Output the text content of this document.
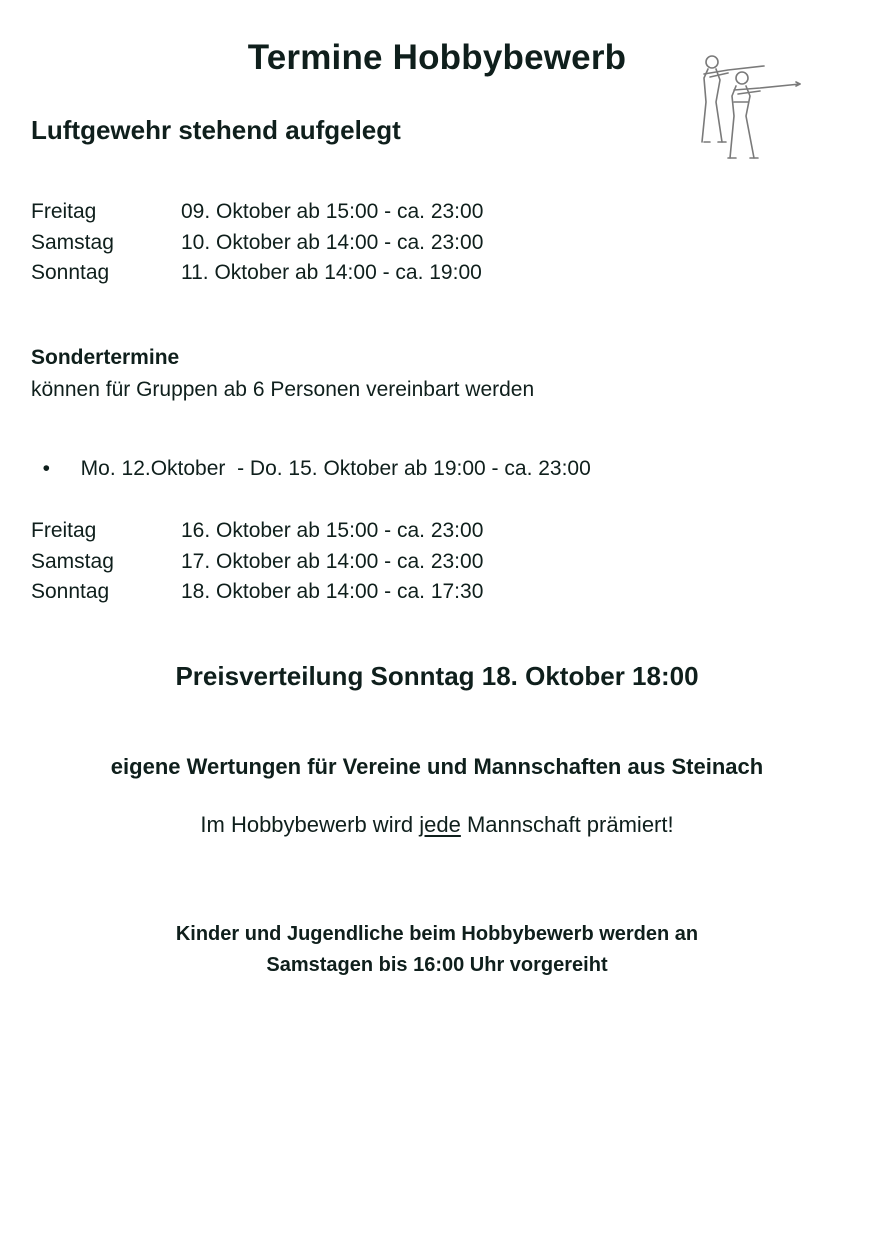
Termine Hobbybewerb
Luftgewehr stehend aufgelegt
Freitag	09. Oktober ab 15:00 - ca. 23:00
Samstag	10. Oktober ab 14:00 - ca. 23:00
Sonntag	11. Oktober ab 14:00 - ca. 19:00
Sondertermine
können für Gruppen ab 6 Personen vereinbart werden

• Mo. 12.Oktober  - Do. 15. Oktober ab 19:00 - ca. 23:00

Freitag	16. Oktober ab 15:00 - ca. 23:00
Samstag	17. Oktober ab 14:00 - ca. 23:00
Sonntag	18. Oktober ab 14:00 - ca. 17:30
Preisverteilung Sonntag 18. Oktober 18:00
eigene Wertungen für Vereine und Mannschaften aus Steinach
Im Hobbybewerb wird jede Mannschaft prämiert!
Kinder und Jugendliche beim Hobbybewerb werden an
Samstagen bis 16:00 Uhr vorgereiht
